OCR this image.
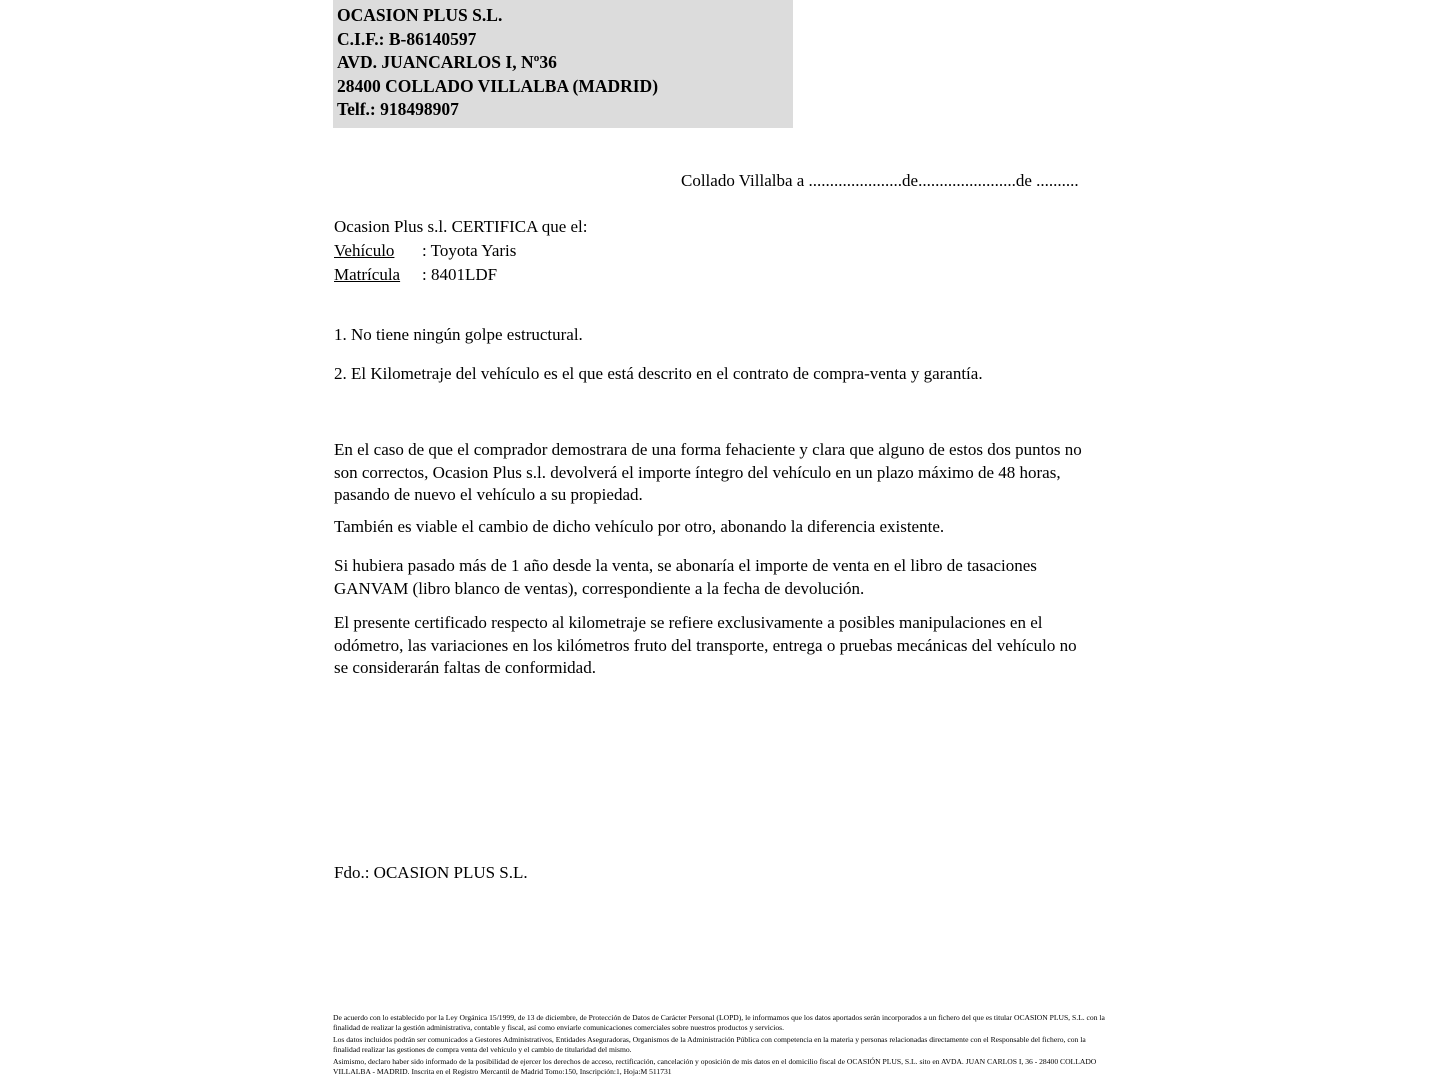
OCASION PLUS S.L.
C.I.F.: B-86140597
AVD. JUANCARLOS I, Nº36
28400 COLLADO VILLALBA (MADRID)
Telf.: 918498907
Collado Villalba a ......................de.......................de ..........
Ocasion Plus s.l. CERTIFICA que el:
Vehículo : Toyota Yaris
Matrícula : 8401LDF
1. No tiene ningún golpe estructural.
2. El Kilometraje del vehículo es el que está descrito en el contrato de compra-venta y garantía.
En el caso de que el comprador demostrara de una forma fehaciente y clara que alguno de estos dos puntos no son correctos, Ocasion Plus s.l. devolverá el importe íntegro del vehículo en un plazo máximo de 48 horas, pasando de nuevo el vehículo a su propiedad.
También es viable el cambio de dicho vehículo por otro, abonando la diferencia existente.
Si hubiera pasado más de 1 año desde la venta, se abonaría el importe de venta en el libro de tasaciones GANVAM (libro blanco de ventas), correspondiente a la fecha de devolución.
El presente certificado respecto al kilometraje se refiere exclusivamente a posibles manipulaciones en el odómetro, las variaciones en los kilómetros fruto del transporte, entrega o pruebas mecánicas del vehículo no se considerarán faltas de conformidad.
Fdo.: OCASION PLUS S.L.

De acuerdo con lo establecido por la Ley Orgánica 15/1999, de 13 de diciembre, de Protección de Datos de Carácter Personal (LOPD), le informamos que los datos aportados serán incorporados a un fichero del que es titular OCASION PLUS, S.L. con la finalidad de realizar la gestión administrativa, contable y fiscal, así como enviarle comunicaciones comerciales sobre nuestros productos y servicios.

Los datos incluidos podrán ser comunicados a Gestores Administrativos, Entidades Aseguradoras, Organismos de la Administración Pública con competencia en la materia y personas relacionadas directamente con el Responsable del fichero, con la finalidad realizar las gestiones de compra venta del vehículo y el cambio de titularidad del mismo.

Asimismo, declaro haber sido informado de la posibilidad de ejercer los derechos de acceso, rectificación, cancelación y oposición de mis datos en el domicilio fiscal de OCASIÓN PLUS, S.L. sito en AVDA. JUAN CARLOS I, 36 - 28400 COLLADO VILLALBA - MADRID. Inscrita en el Registro Mercantil de Madrid Tomo:150, Inscripción:1, Hoja:M 511731
